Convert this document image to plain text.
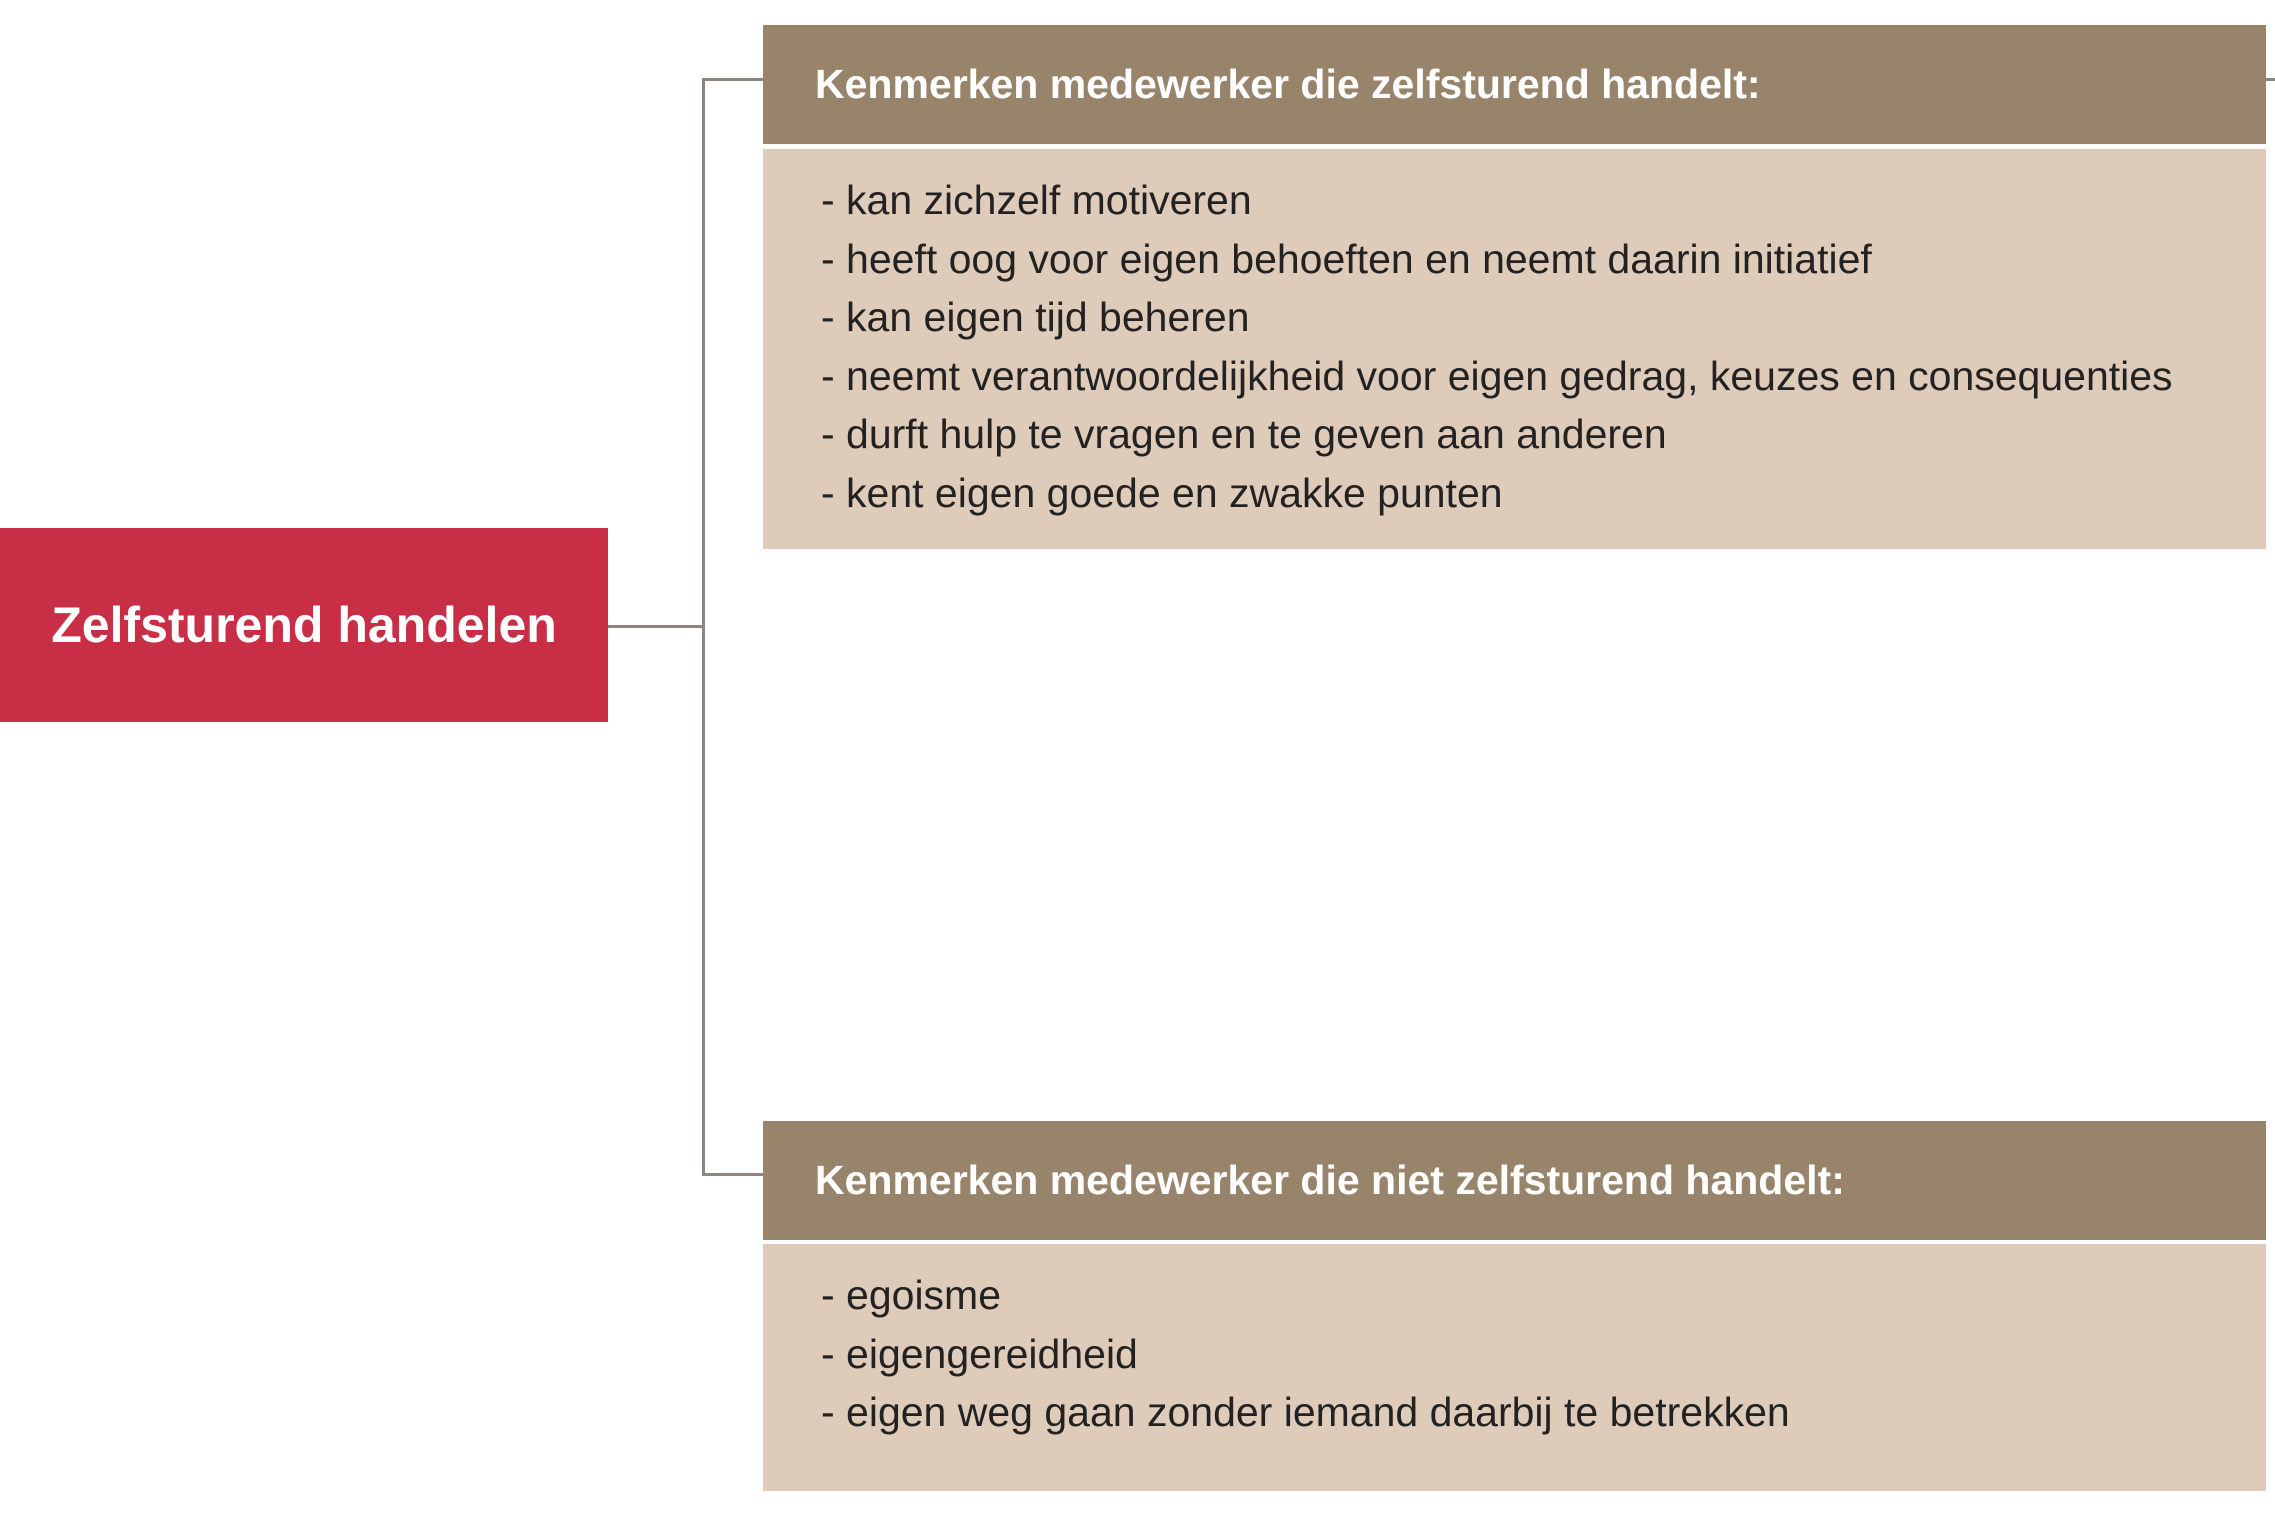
Zelfsturend handelen
Kenmerken medewerker die zelfsturend handelt:
- kan zichzelf motiveren
- heeft oog voor eigen behoeften en neemt daarin initiatief
- kan eigen tijd beheren
- neemt verantwoordelijkheid voor eigen gedrag, keuzes en consequenties
- durft hulp te vragen en te geven aan anderen
- kent eigen goede en zwakke punten
Kenmerken medewerker die niet zelfsturend handelt:
- egoisme
- eigengereidheid
- eigen weg gaan zonder iemand daarbij te betrekken
